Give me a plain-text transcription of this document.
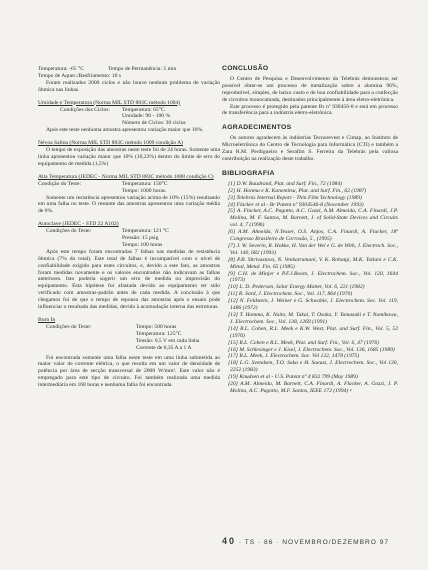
Temperatura: -65 °C	Tempo de Permanência: 5 min

Tempo de Aquec./Resfriamento: 10 s

Foram realizados 2000 ciclos e não houve nenhum problema de variação ôhmica nas linhas.

Umidade e Temperatura (Norma MIL STD 883C método 1004)

Condições dos Ciclos:	Temperatura: 65°C
Umidade: 90 - 100 %
Número de Ciclos: 30 ciclos

Após este teste nenhuma amostra apresentou variação maior que 10%.

Névoa Salina (Norma MIL STD 883C método 1009 condição A)

O tempo de exposição das amostras neste teste foi de 24 horas. Somente uma linha apresentou variação maior que 10% (10,23%) dentro do limite de erro do equipamento de medida (1,5%)

Alta Temperatura (JEDEC - Norma MIL STD 883C método 1008 condição C)

Condição do Teste:	Temperatura: 150°C
Tempo: 1000 horas.

Somente um resistência apresentou variação acima de 10% (15%) resultando em uma falha no teste. O restante das amostras apresentou uma variação média de 6%.

Autoclave (JEDEC - STD 22 A102)

Condições do Teste:	Temperatura: 121 °C
Pressão: 15 psig
Tempo: 100 horas

Após este tempo foram encontradas 7 falhas nas medidas de resistência ôhmica (7% do total). Este total de falhas é incompatível com o nível de confiabilidade exigido para estes circuitos, e, devido a este fato, as amostras foram medidas novamente e os valores encontrados não indicavam as falhas anteriores. Isto poderia sugerir um erro de medida ou imprecisão do equipamento. Esta hipótese foi afastada devido ao equipamento ter sido verificado com amostras-padrão antes de cada medida. A conclusão à que chegamos foi de que o tempo de repouso das amostras após o ensaio pode influenciar o resultado das medidas, devido à acomodação interna das estruturas.

Burn In

Condições do Teste:	Tempo: 500 horas
Temperatura: 125°C
Tensão: 0,5 V em cada linha
Corrente de 0,35 A a 1 A

Foi encontrada somente uma falha neste teste em uma linha submetida ao maior valor de corrente elétrica, o que resulta em um valor de densidade de potência por área de secção transversal de 2000 W/mm². Este valor não é empregado para este tipo de circuito. Foi também realizada uma medida intermediária em 168 horas e nenhuma falha foi encontrada.

CONCLUSÃO

O Centro de Pesquisa e Desenvolvimento da Telebrás demonstrou ser possível obter-se um processo de metalização sobre a alumina 96%, reprodutível, simples, de baixo custo e de boa confiabilidade para a confecção de circuitos monocamada, destinados principalmente à área eletro-eletrônica.

Este processo é protegido pela patente Br nº 930456-8 e está em processo de transferência para a indústria eletro-eletrônica.

AGRADECIMENTOS

Os autores agradecem às indústrias Tecnorevest e Cimap, ao Instituto de Microeletrônica do Centro de Tecnologia para Informática (CTI) e também a Zara R.M. Perdigueiro e Serafim S. Ferreira da Telebrás pela valiosa contribuição na realização deste trabalho.

BIBLIOGRAFIA

[1] D.W. Baudrand, Plat. and Surf. Fin., 72 (1984)

[2] H. Honma e K. Kanemitsu, Plat. and Surf. Fin., 62 (1987)

[3] Telebrás Internal Report - Thin Film Technology (1989)

[4] Flacker et al - Br Patent nº 9304546-8 (November 1993)

[5] A. Flacker, A.C. Pagotto, A.C. Gozzi, A.M. Almeida, C.A. Finardi, J.P. Molina, M. F. Santos, M. Barnett, J. of Solid-State Devices and Circuits vol. 4, 7 (1996)

[6] A.M. Almeida, N.Tesser, O.S. Anjos, C.A. Finardi, A. Flacker, 18º Congresso Brasileiro de Corrosão, 5 , (1995)

[7] J. W. Severin, R. Hokke, H. Van der Wel e G. de With, J. Electroch. Soc., Vol. 140, 682 (1993)

[8] P.B. Shrivastava, N. Venkatramani, V. K. Rohatgi, M.K. Totlani e C.K. Mittal, Metal. Fin. 65 (1985)

[9] C.H. de Minjer e P.F.J.Boom, J. Electrochem. Soc., Vol. 120, 1644 (1973)

[10] L. D. Pederson, Solar Energy Matter, Vol. 6, 221 (1982)

[11] R. Sard, J. Electrochem. Soc., Vol. 117, 864 (1970)

[12] N. Feldstein, J. Weiner e G. Schwable, J. Electrochem. Soc. Vol. 119, 1486 (1972)

[13] T. Homma, K. Naito, M. Takai, T. Osaka, Y. Yamazaki e T. Namikawa, J. Electrochem. Soc., Vol. 138, 1269 (1991)

[14] R.L. Cohen, R.L. Meek e K.W. West, Plat. and Surf. Fin., Vol. 5, 52 (1976)

[15] R.L. Cohen e R.L. Meek, Plat. and Surf. Fin., Vol. 6, 47 (1976)

[16] M. Schlesinger e J. Kisel, J. Electrochem. Soc., Vol. 136, 1685 (1989)

[17] R.L. Meek, J. Electrochem. Soc. Vol 122, 1478 (1975)

[18] L.G. Svendsen, T.O. Saka e H. Saeust, J. Electrochem. Soc., Vol 130, 2252 (1983)

[19] Knudsen et al - U.S. Patent nº 4 832 799 (May 1989)

[20] A.M. Almeida, M. Barnett, C.A. Finardi, A. Flacker, A. Gozzi, J. P. Molina, A.C. Pagotto, M.F. Santos, IEEE 172 (1994) •

40 · TS · 86 · NOVEMBRO/DEZEMBRO 97
